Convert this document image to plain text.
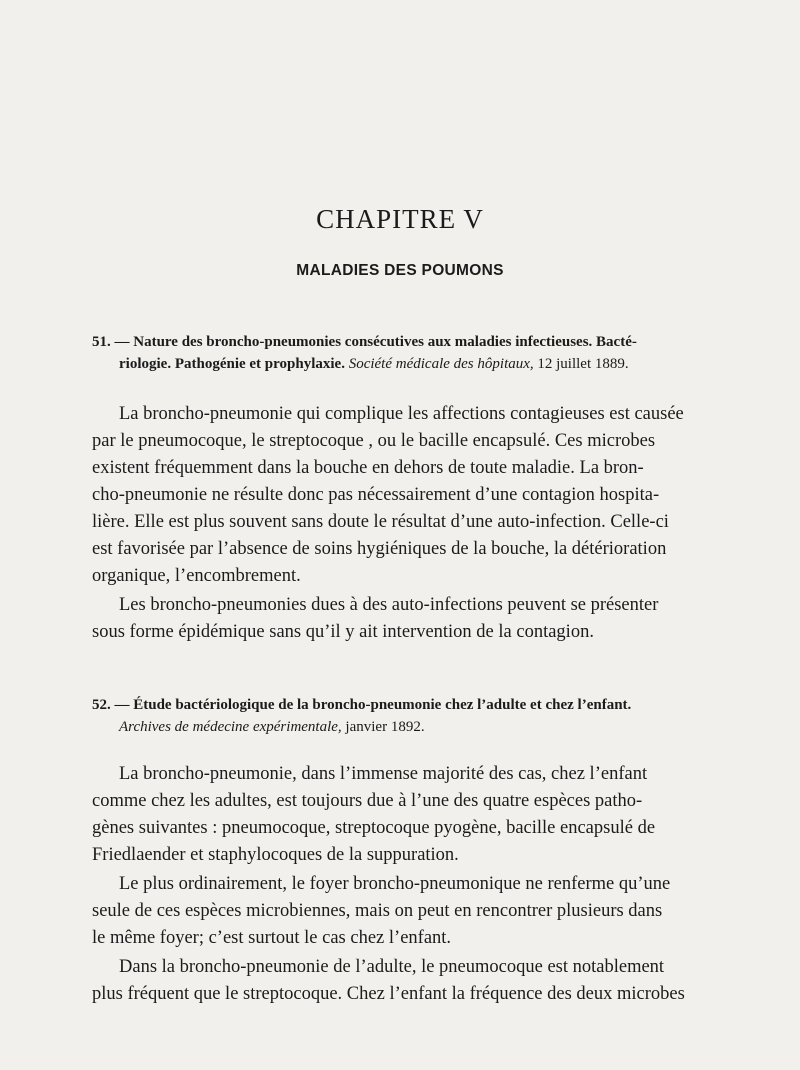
CHAPITRE V
MALADIES DES POUMONS
51. — Nature des broncho-pneumonies consécutives aux maladies infectieuses. Bacté-
riologie. Pathogénie et prophylaxie. Société médicale des hôpitaux, 12 juillet 1889.
La broncho-pneumonie qui complique les affections contagieuses est causée
par le pneumocoque, le streptocoque , ou le bacille encapsulé. Ces microbes
existent fréquemment dans la bouche en dehors de toute maladie. La bron-
cho-pneumonie ne résulte donc pas nécessairement d’une contagion hospita-
lière. Elle est plus souvent sans doute le résultat d’une auto-infection. Celle-ci
est favorisée par l’absence de soins hygiéniques de la bouche, la détérioration
organique, l’encombrement.
Les broncho-pneumonies dues à des auto-infections peuvent se présenter
sous forme épidémique sans qu’il y ait intervention de la contagion.
52. — Étude bactériologique de la broncho-pneumonie chez l’adulte et chez l’enfant.
Archives de médecine expérimentale, janvier 1892.
La broncho-pneumonie, dans l’immense majorité des cas, chez l’enfant
comme chez les adultes, est toujours due à l’une des quatre espèces patho-
gènes suivantes : pneumocoque, streptocoque pyogène, bacille encapsulé de
Friedlaender et staphylocoques de la suppuration.
Le plus ordinairement, le foyer broncho-pneumonique ne renferme qu’une
seule de ces espèces microbiennes, mais on peut en rencontrer plusieurs dans
le même foyer; c’est surtout le cas chez l’enfant.
Dans la broncho-pneumonie de l’adulte, le pneumocoque est notablement
plus fréquent que le streptocoque. Chez l’enfant la fréquence des deux microbes
